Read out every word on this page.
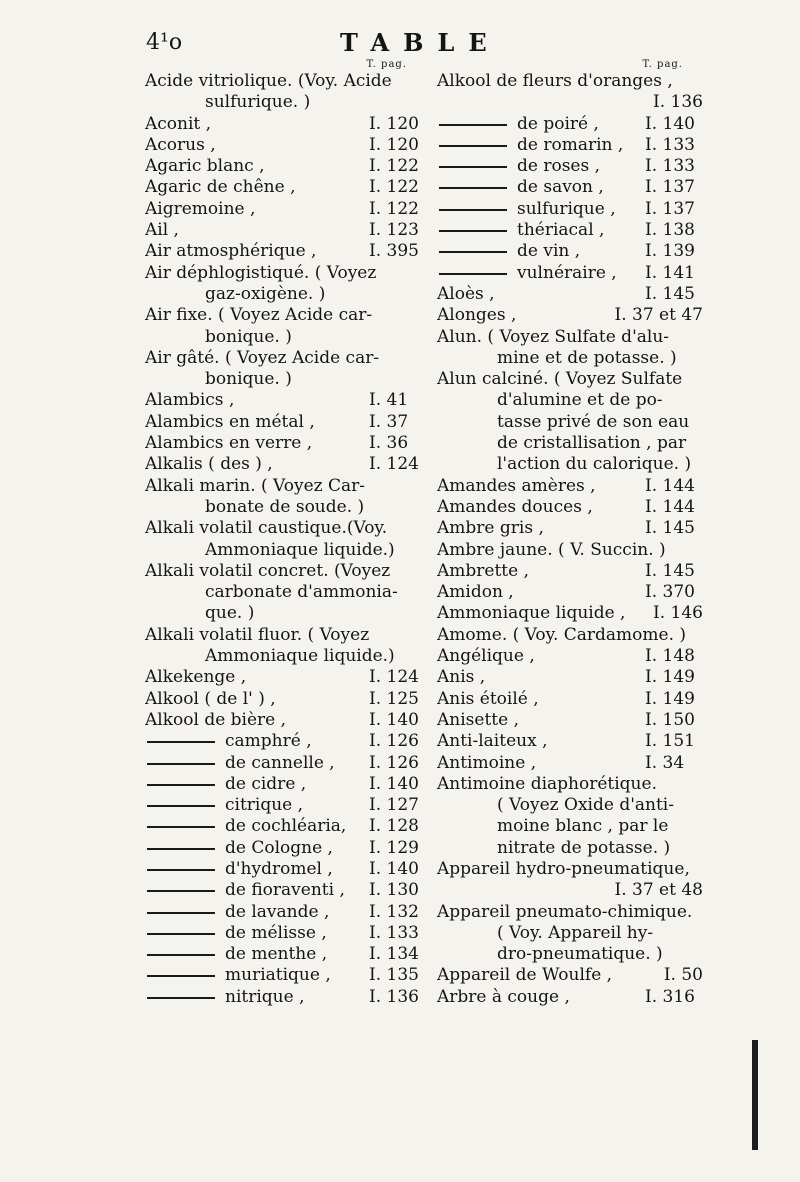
4¹o	TABLE
T. pag.
Acide vitriolique. (Voy. Acide
sulfurique. )
Aconit ,	I. 120
Acorus ,	I. 120
Agaric blanc ,	I. 122
Agaric de chêne ,	I. 122
Aigremoine ,	I. 122
Ail ,	I. 123
Air atmosphérique ,	I. 395
Air déphlogistiqué. ( Voyez
gaz-oxigène. )
Air fixe. ( Voyez Acide car-
bonique. )
Air gâté. ( Voyez Acide car-
bonique. )
Alambics ,	I. 41
Alambics en métal ,	I. 37
Alambics en verre ,	I. 36
Alkalis ( des ) ,	I. 124
Alkali marin. ( Voyez Car-
bonate de soude. )
Alkali volatil caustique.(Voy.
Ammoniaque liquide.)
Alkali volatil concret. (Voyez
carbonate d'ammonia-
que. )
Alkali volatil fluor. ( Voyez
Ammoniaque liquide.)
Alkekenge ,	I. 124
Alkool ( de l' ) ,	I. 125
Alkool de bière ,	I. 140
camphré ,	I. 126
de cannelle , I. 126
de cidre ,	I. 140
citrique ,	I. 127
de cochléaria, I. 128
de Cologne , I. 129
d'hydromel , I. 140
de fioraventi , I. 130
de lavande , I. 132
de mélisse , I. 133
de menthe , I. 134
muriatique , I. 135
nitrique ,	I. 136
T. pag.
Alkool de fleurs d'oranges ,
I. 136
de poiré ,	I. 140
de romarin , I. 133
de roses ,	I. 133
de savon , I. 137
sulfurique , I. 137
thériacal , I. 138
de vin ,	I. 139
vulnéraire , I. 141
Aloès ,	I. 145
Alonges ,	I. 37 et 47
Alun. ( Voyez Sulfate d'alu-
mine et de potasse. )
Alun calciné. ( Voyez Sulfate
d'alumine et de po-
tasse privé de son eau
de cristallisation , par
l'action du calorique. )
Amandes amères ,	I. 144
Amandes douces ,	I. 144
Ambre gris ,	I. 145
Ambre jaune. ( V. Succin. )
Ambrette ,	I. 145
Amidon ,	I. 370
Ammoniaque liquide , I. 146
Amome. ( Voy. Cardamome. )
Angélique ,	I. 148
Anis ,	I. 149
Anis étoilé ,	I. 149
Anisette ,	I. 150
Anti-laiteux ,	I. 151
Antimoine ,	I. 34
Antimoine diaphorétique.
( Voyez Oxide d'anti-
moine blanc , par le
nitrate de potasse. )
Appareil hydro-pneumatique,
I. 37 et 48
Appareil pneumato-chimique.
( Voy. Appareil hy-
dro-pneumatique. )
Appareil de Woulfe ,	I. 50
Arbre à couge ,	I. 316
